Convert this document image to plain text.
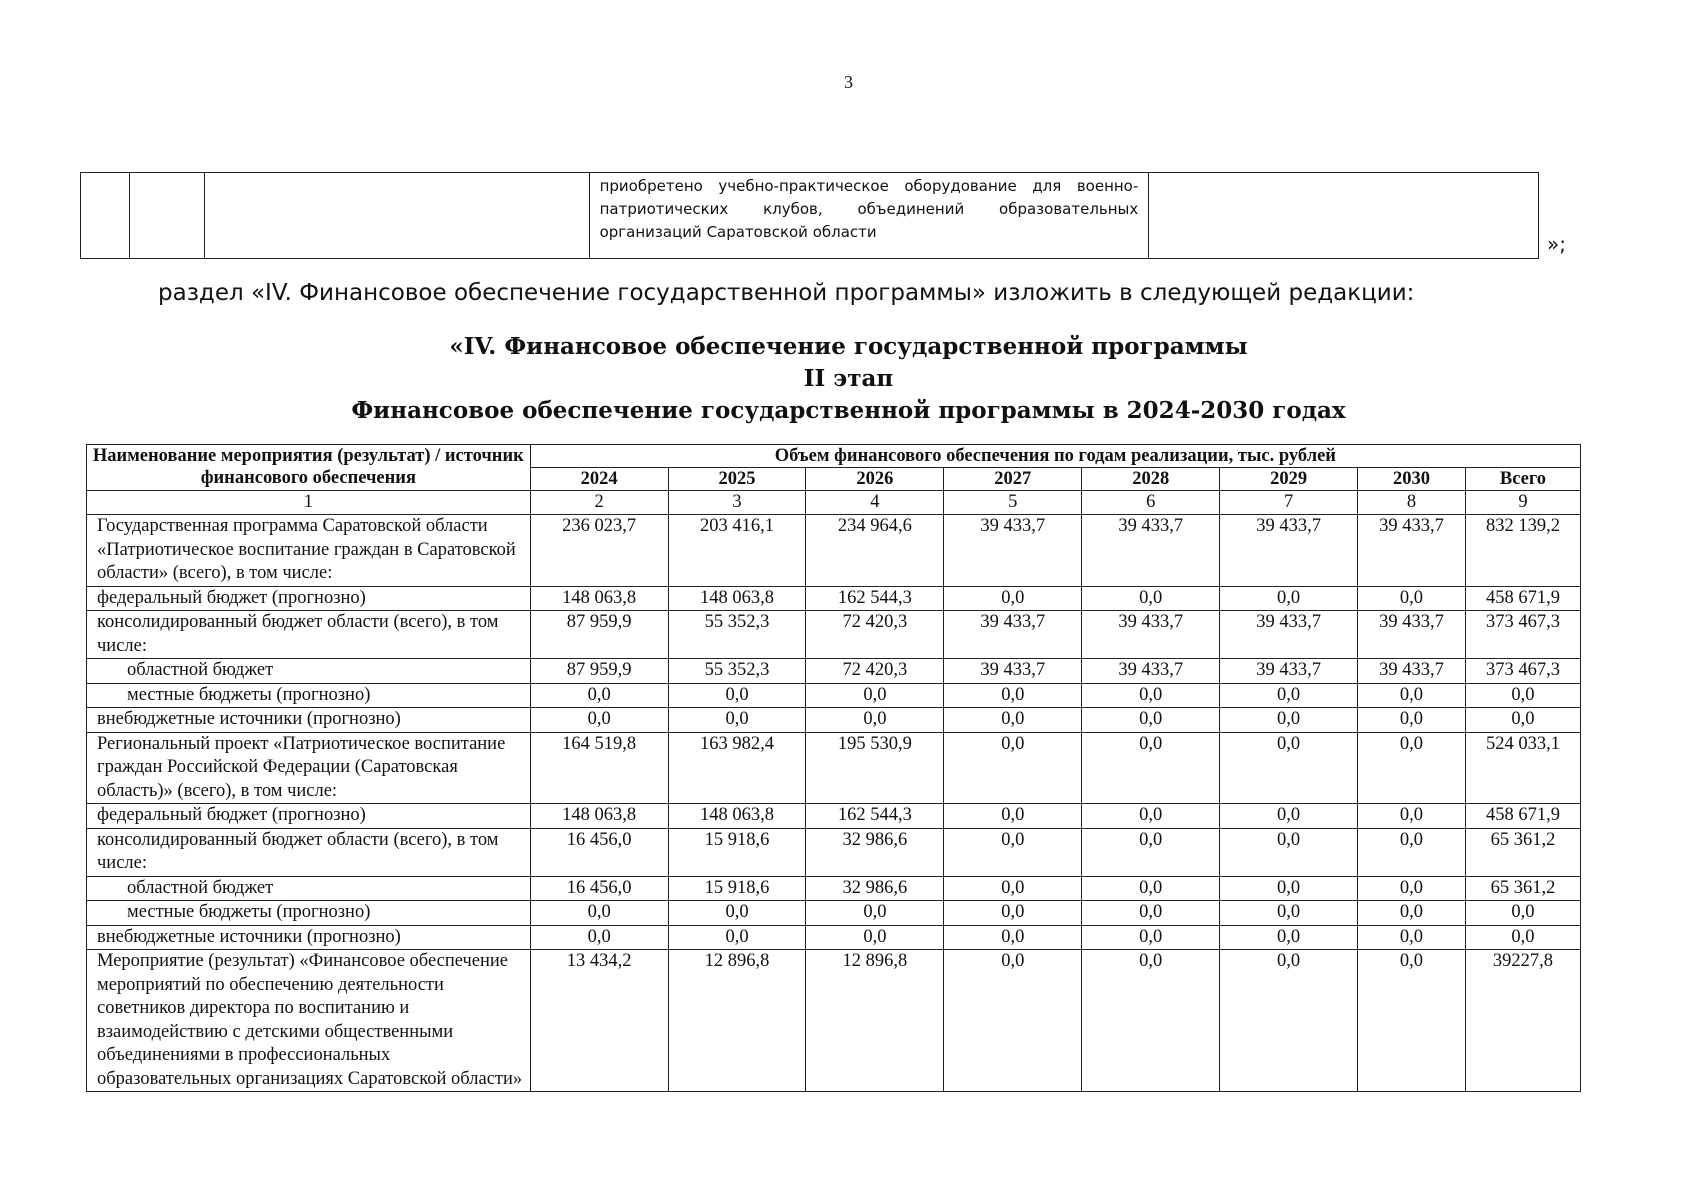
3
			приобретено учебно-практическое оборудование для военно-патриотических клубов, объединений образовательных организаций Саратовской области		»;
раздел «IV. Финансовое обеспечение государственной программы» изложить в следующей редакции:
«IV. Финансовое обеспечение государственной программы
II этап
Финансовое обеспечение государственной программы в 2024-2030 годах
Наименование мероприятия (результат) / источник финансового обеспечения	Объем финансового обеспечения по годам реализации, тыс. рублей							
	2024	2025	2026	2027	2028	2029	2030	Всего
1	2	3	4	5	6	7	8	9
Государственная программа Саратовской области «Патриотическое воспитание граждан в Саратовской области» (всего), в том числе:	236 023,7	203 416,1	234 964,6	39 433,7	39 433,7	39 433,7	39 433,7	832 139,2
федеральный бюджет (прогнозно)	148 063,8	148 063,8	162 544,3	0,0	0,0	0,0	0,0	458 671,9
консолидированный бюджет области (всего), в том числе:	87 959,9	55 352,3	72 420,3	39 433,7	39 433,7	39 433,7	39 433,7	373 467,3
областной бюджет	87 959,9	55 352,3	72 420,3	39 433,7	39 433,7	39 433,7	39 433,7	373 467,3
местные бюджеты (прогнозно)	0,0	0,0	0,0	0,0	0,0	0,0	0,0	0,0
внебюджетные источники (прогнозно)	0,0	0,0	0,0	0,0	0,0	0,0	0,0	0,0
Региональный проект «Патриотическое воспитание граждан Российской Федерации (Саратовская область)» (всего), в том числе:	164 519,8	163 982,4	195 530,9	0,0	0,0	0,0	0,0	524 033,1
федеральный бюджет (прогнозно)	148 063,8	148 063,8	162 544,3	0,0	0,0	0,0	0,0	458 671,9
консолидированный бюджет области (всего), в том числе:	16 456,0	15 918,6	32 986,6	0,0	0,0	0,0	0,0	65 361,2
областной бюджет	16 456,0	15 918,6	32 986,6	0,0	0,0	0,0	0,0	65 361,2
местные бюджеты (прогнозно)	0,0	0,0	0,0	0,0	0,0	0,0	0,0	0,0
внебюджетные источники (прогнозно)	0,0	0,0	0,0	0,0	0,0	0,0	0,0	0,0
Мероприятие (результат) «Финансовое обеспечение мероприятий по обеспечению деятельности советников директора по воспитанию и взаимодействию с детскими общественными объединениями в профессиональных образовательных организациях Саратовской области»	13 434,2	12 896,8	12 896,8	0,0	0,0	0,0	0,0	39227,8
